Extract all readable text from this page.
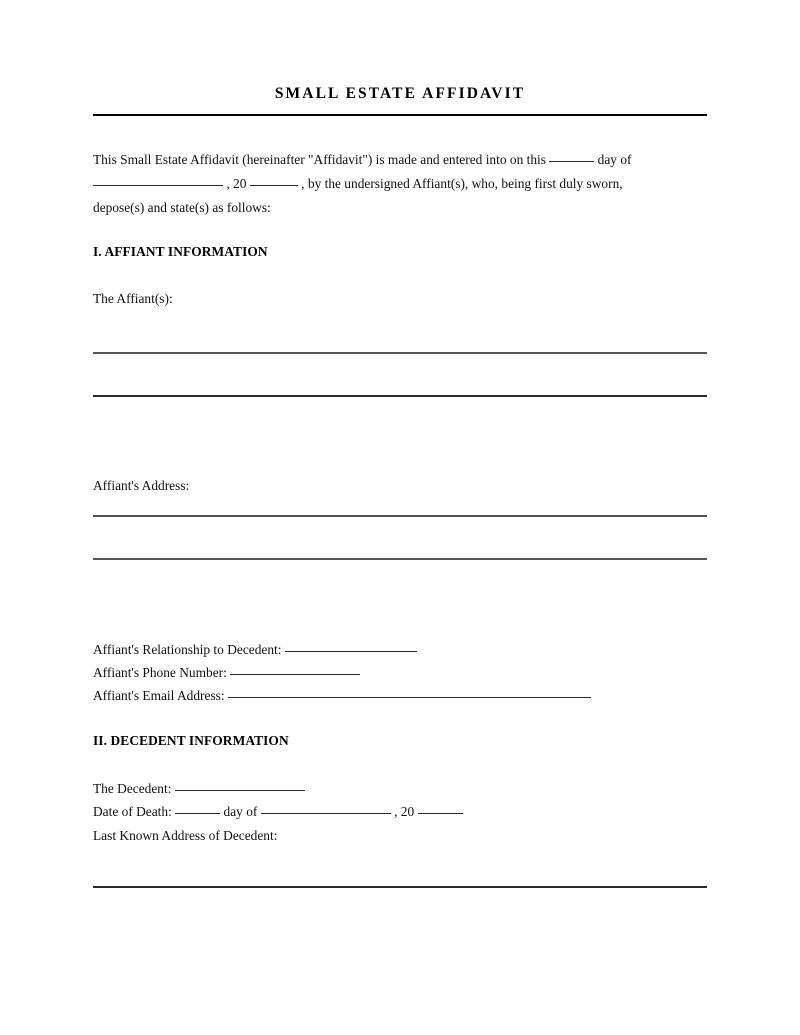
SMALL ESTATE AFFIDAVIT
This Small Estate Affidavit (hereinafter "Affidavit") is made and entered into on this	day of
, 20	, by the undersigned Affiant(s), who, being first duly sworn,
depose(s) and state(s) as follows:
I. AFFIANT INFORMATION
The Affiant(s):
Affiant's Address:
Affiant's Relationship to Decedent:
Affiant's Phone Number:
Affiant's Email Address:
II. DECEDENT INFORMATION
The Decedent:
Date of Death:	day of	, 20
Last Known Address of Decedent:
